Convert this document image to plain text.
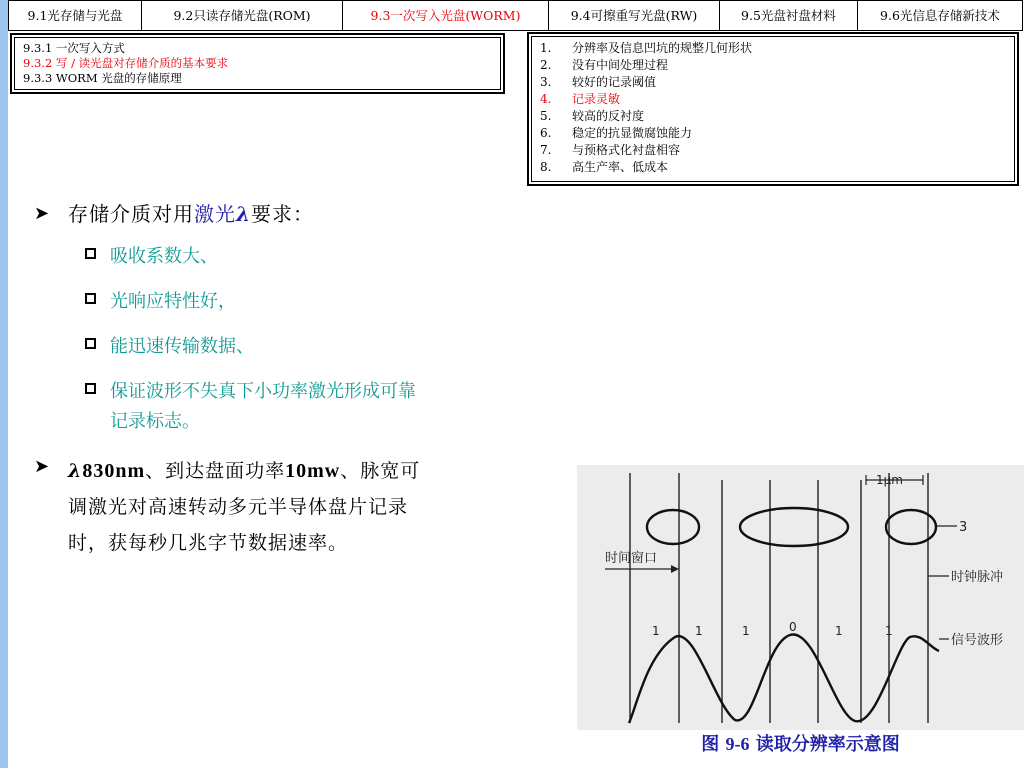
9.1光存储与光盘	9.2只读存储光盘(ROM)	9.3一次写入光盘(WORM)	9.4可擦重写光盘(RW)	9.5光盘衬盘材料	9.6光信息存储新技术
9.3.1 一次写入方式
9.3.2 写 / 读光盘对存储介质的基本要求
9.3.3 WORM 光盘的存储原理
1.	分辨率及信息凹坑的规整几何形状
2.	没有中间处理过程
3.	较好的记录阈值
4.	记录灵敏
5.	较高的反衬度
6.	稳定的抗显微腐蚀能力
7.	与预格式化衬盘相容
8.	高生产率、低成本
➤ 存储介质对用激光λ要求：
吸收系数大、
光响应特性好，
能迅速传输数据、
保证波形不失真下小功率激光形成可靠记录标志。
➤ λ830nm、到达盘面功率10mw、脉宽可调激光对高速转动多元半导体盘片记录时，获每秒几兆字节数据速率。
1μm
3
时间窗口
时钟脉冲
1	1	1	0	1	1
信号波形
图 9-6 读取分辨率示意图
